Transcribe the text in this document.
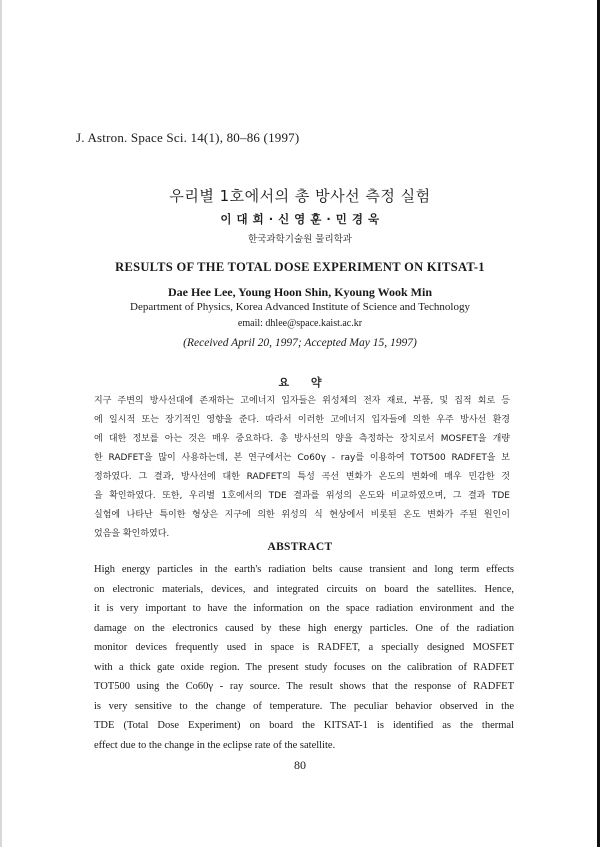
J. Astron. Space Sci. 14(1), 80–86 (1997)
우리별 1호에서의 총 방사선 측정 실험
이 대 희 · 신 영 훈 · 민 경 욱
한국과학기술원 물리학과
RESULTS OF THE TOTAL DOSE EXPERIMENT ON KITSAT-1
Dae Hee Lee, Young Hoon Shin, Kyoung Wook Min
Department of Physics, Korea Advanced Institute of Science and Technology
email: dhlee@space.kaist.ac.kr
(Received April 20, 1997; Accepted May 15, 1997)
요 약
지구 주변의 방사선대에 존재하는 고에너지 입자들은 위성체의 전자 재료, 부품, 및 집적 회로 등
에 일시적 또는 장기적인 영향을 준다. 따라서 이러한 고에너지 입자들에 의한 우주 방사선 환경
에 대한 정보를 아는 것은 매우 중요하다. 총 방사선의 양을 측정하는 장치로서 MOSFET을 개량
한 RADFET을 많이 사용하는데, 본 연구에서는 Co60γ - ray를 이용하여 TOT500 RADFET을 보
정하였다. 그 결과, 방사선에 대한 RADFET의 특성 곡선 변화가 온도의 변화에 매우 민감한 것
을 확인하였다. 또한, 우리별 1호에서의 TDE 결과를 위성의 온도와 비교하였으며, 그 결과 TDE
실험에 나타난 특이한 형상은 지구에 의한 위성의 식 현상에서 비롯된 온도 변화가 주된 원인이
었음을 확인하였다.
ABSTRACT
High energy particles in the earth's radiation belts cause transient and long term effects
on electronic materials, devices, and integrated circuits on board the satellites. Hence,
it is very important to have the information on the space radiation environment and the
damage on the electronics caused by these high energy particles. One of the radiation
monitor devices frequently used in space is RADFET, a specially designed MOSFET
with a thick gate oxide region. The present study focuses on the calibration of RADFET
TOT500 using the Co60γ - ray source. The result shows that the response of RADFET
is very sensitive to the change of temperature. The peculiar behavior observed in the
TDE (Total Dose Experiment) on board the KITSAT-1 is identified as the thermal
effect due to the change in the eclipse rate of the satellite.
80
